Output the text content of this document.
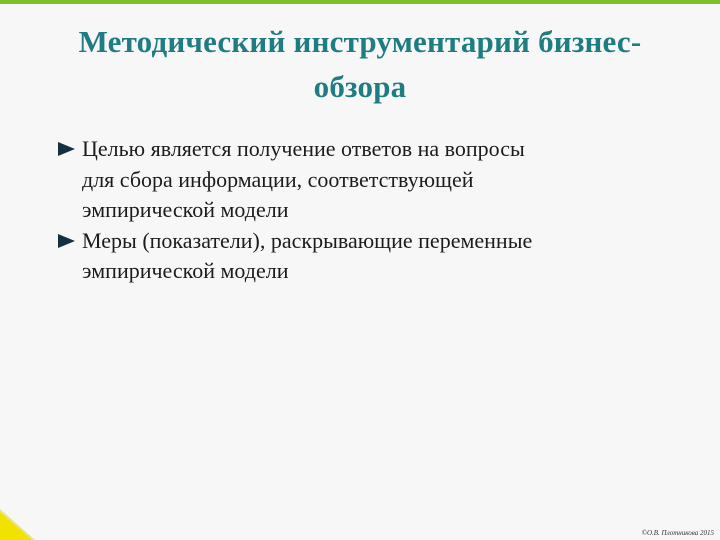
Методический инструментарий бизнес-
обзора
Целью является получение ответов на вопросы
для сбора информации, соответствующей
эмпирической модели
Меры (показатели), раскрывающие переменные
эмпирической модели
©О.В. Плотникова 2015
